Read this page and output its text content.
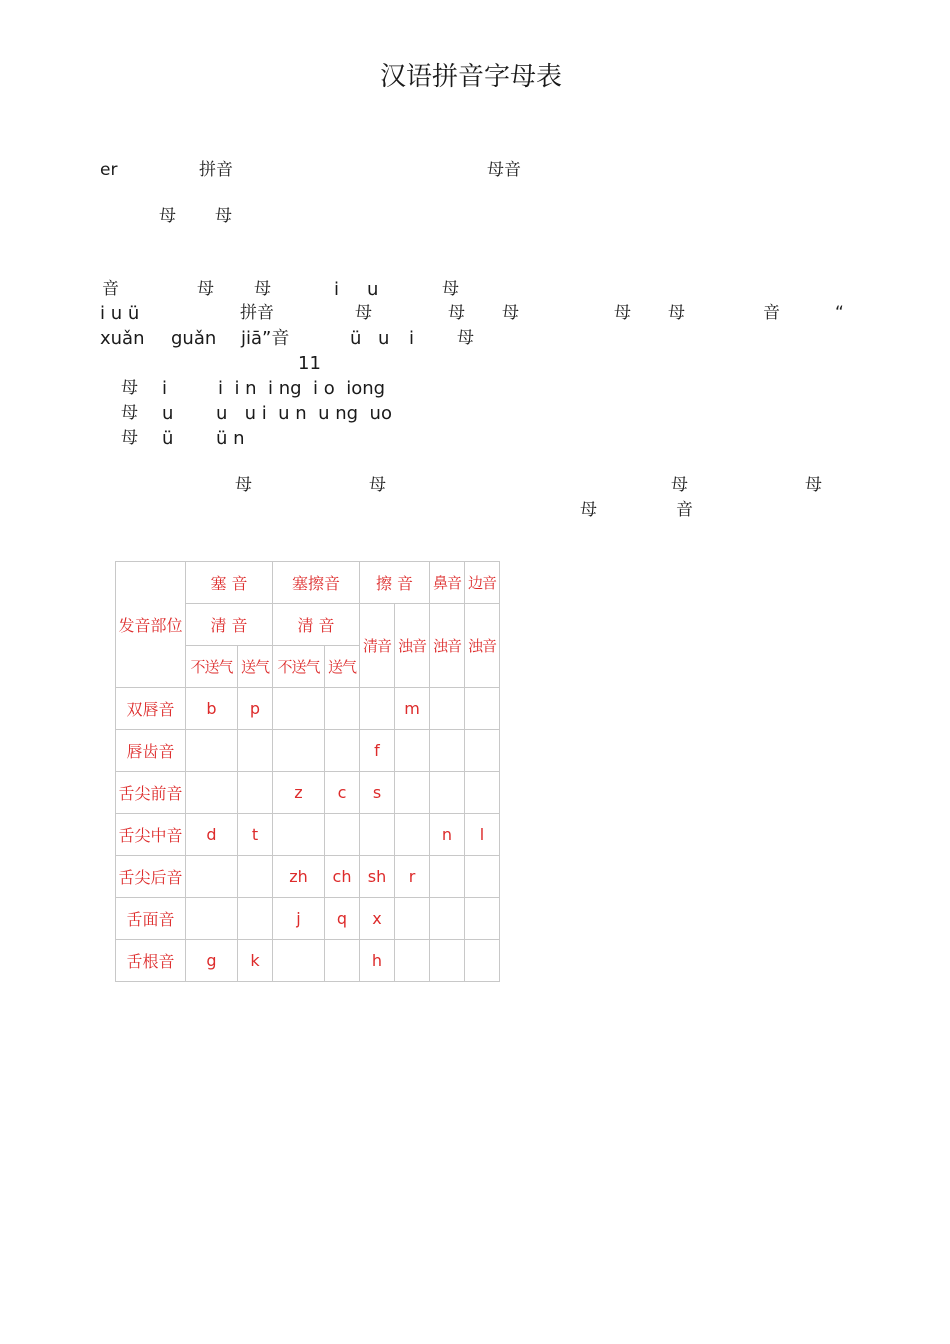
汉语拼音字母表
er	拼音	母音
母 母
音	母 母	i u	母
i u ü	拼音	母	母 母	母 母	音	“
xuǎn guǎn jiā”音	ü u i	母
11
母 i	i  i n  i ng  i o  iong
母 u u   u i  u n  u ng  uo
母 ü ü n
母	母	母	母
母	音
发音部位	塞 音		塞擦音		擦 音		鼻音	边音
	清 音		清 音		清音	浊音	浊音	浊音
	不送气	送气	不送气	送气				
双唇音	b	p				m		
唇齿音					f			
舌尖前音			z	c	s			
舌尖中音	d	t					n	l
舌尖后音			zh	ch	sh	r		
舌面音			j	q	x			
舌根音	g	k			h			
